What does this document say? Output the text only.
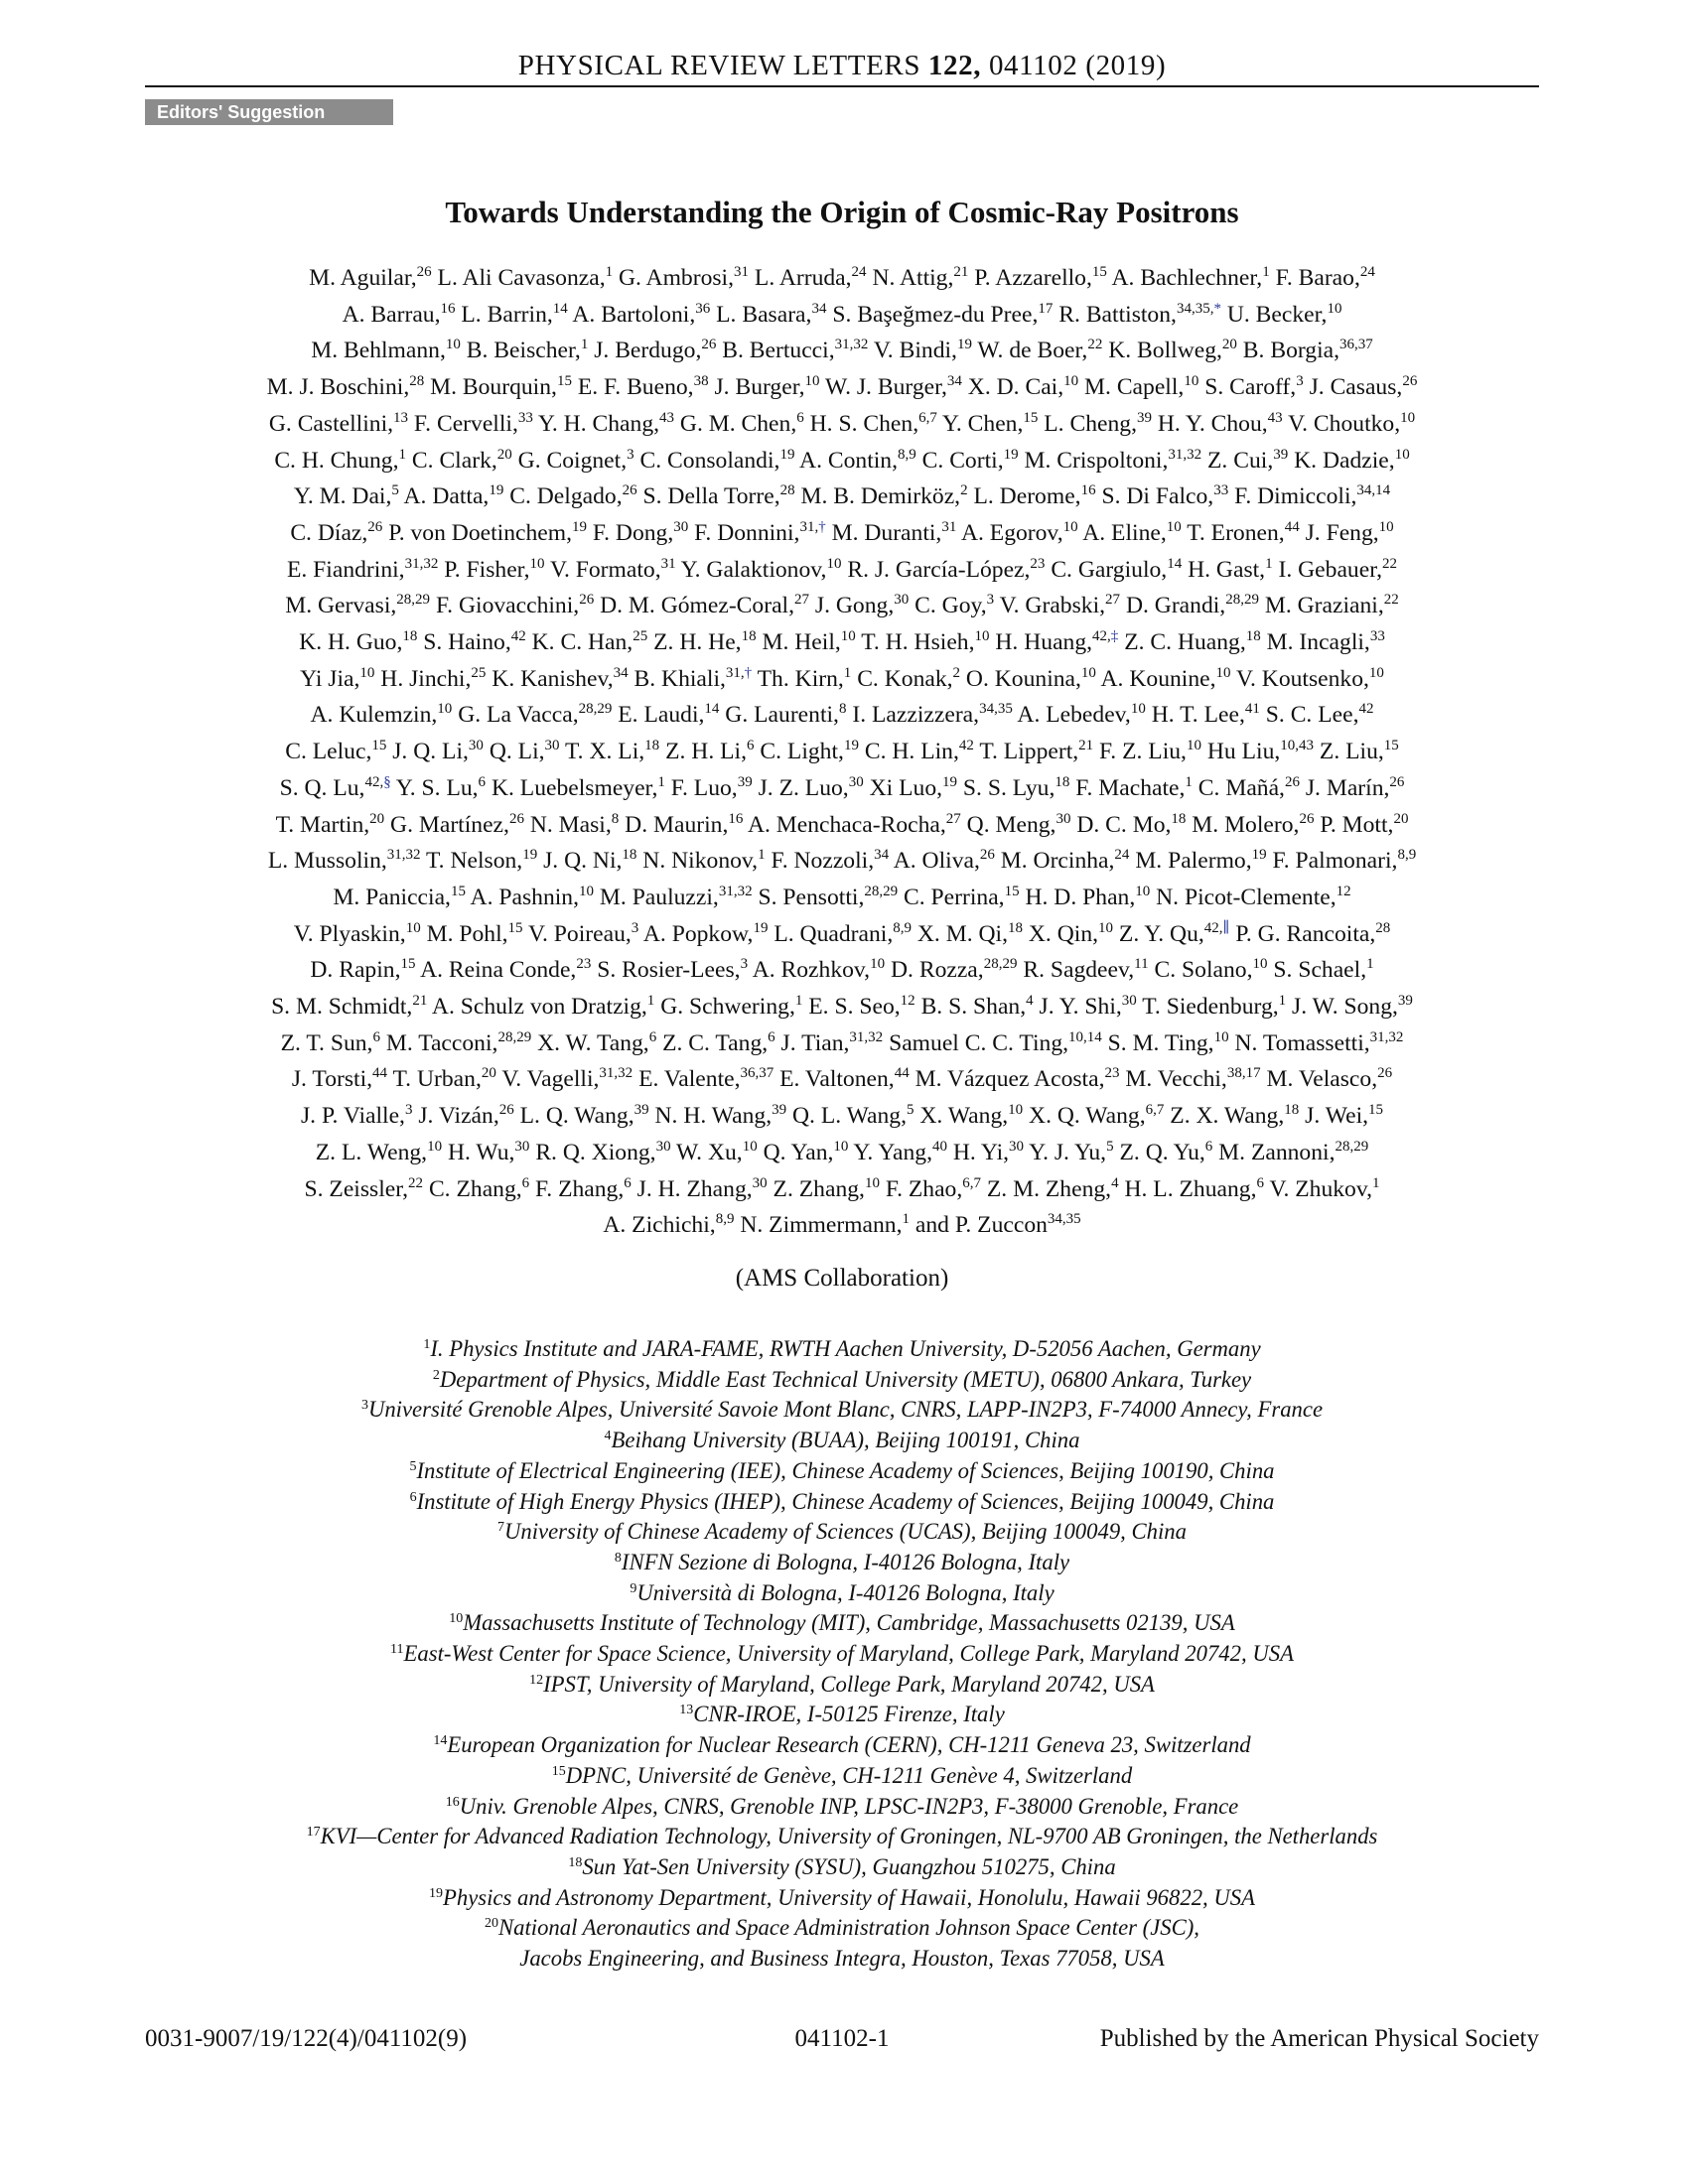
PHYSICAL REVIEW LETTERS 122, 041102 (2019)
Editors' Suggestion
Towards Understanding the Origin of Cosmic-Ray Positrons
M. Aguilar,$^{26}$ L. Ali Cavasonza,$^1$ G. Ambrosi,$^{31}$ L. Arruda,$^{24}$ N. Attig,$^{21}$ P. Azzarello,$^{15}$ A. Bachlechner,$^1$ F. Barao,$^{24}$
A. Barrau,$^{16}$ L. Barrin,$^{14}$ A. Bartoloni,$^{36}$ L. Basara,$^{34}$ S. Başeğmez-du Pree,$^{17}$ R. Battiston,$^{34,35,*}$ U. Becker,$^{10}$
M. Behlmann,$^{10}$ B. Beischer,$^1$ J. Berdugo,$^{26}$ B. Bertucci,$^{31,32}$ V. Bindi,$^{19}$ W. de Boer,$^{22}$ K. Bollweg,$^{20}$ B. Borgia,$^{36,37}$
M. J. Boschini,$^{28}$ M. Bourquin,$^{15}$ E. F. Bueno,$^{38}$ J. Burger,$^{10}$ W. J. Burger,$^{34}$ X. D. Cai,$^{10}$ M. Capell,$^{10}$ S. Caroff,$^3$ J. Casaus,$^{26}$
G. Castellini,$^{13}$ F. Cervelli,$^{33}$ Y. H. Chang,$^{43}$ G. M. Chen,$^6$ H. S. Chen,$^{6,7}$ Y. Chen,$^{15}$ L. Cheng,$^{39}$ H. Y. Chou,$^{43}$ V. Choutko,$^{10}$
C. H. Chung,$^1$ C. Clark,$^{20}$ G. Coignet,$^3$ C. Consolandi,$^{19}$ A. Contin,$^{8,9}$ C. Corti,$^{19}$ M. Crispoltoni,$^{31,32}$ Z. Cui,$^{39}$ K. Dadzie,$^{10}$
Y. M. Dai,$^5$ A. Datta,$^{19}$ C. Delgado,$^{26}$ S. Della Torre,$^{28}$ M. B. Demirköz,$^2$ L. Derome,$^{16}$ S. Di Falco,$^{33}$ F. Dimiccoli,$^{34,14}$
C. Díaz,$^{26}$ P. von Doetinchem,$^{19}$ F. Dong,$^{30}$ F. Donnini,$^{31,\dagger}$ M. Duranti,$^{31}$ A. Egorov,$^{10}$ A. Eline,$^{10}$ T. Eronen,$^{44}$ J. Feng,$^{10}$
E. Fiandrini,$^{31,32}$ P. Fisher,$^{10}$ V. Formato,$^{31}$ Y. Galaktionov,$^{10}$ R. J. García-López,$^{23}$ C. Gargiulo,$^{14}$ H. Gast,$^1$ I. Gebauer,$^{22}$
M. Gervasi,$^{28,29}$ F. Giovacchini,$^{26}$ D. M. Gómez-Coral,$^{27}$ J. Gong,$^{30}$ C. Goy,$^3$ V. Grabski,$^{27}$ D. Grandi,$^{28,29}$ M. Graziani,$^{22}$
K. H. Guo,$^{18}$ S. Haino,$^{42}$ K. C. Han,$^{25}$ Z. H. He,$^{18}$ M. Heil,$^{10}$ T. H. Hsieh,$^{10}$ H. Huang,$^{42,\ddagger}$ Z. C. Huang,$^{18}$ M. Incagli,$^{33}$
Yi Jia,$^{10}$ H. Jinchi,$^{25}$ K. Kanishev,$^{34}$ B. Khiali,$^{31,\dagger}$ Th. Kirn,$^1$ C. Konak,$^2$ O. Kounina,$^{10}$ A. Kounine,$^{10}$ V. Koutsenko,$^{10}$
A. Kulemzin,$^{10}$ G. La Vacca,$^{28,29}$ E. Laudi,$^{14}$ G. Laurenti,$^8$ I. Lazzizzera,$^{34,35}$ A. Lebedev,$^{10}$ H. T. Lee,$^{41}$ S. C. Lee,$^{42}$
C. Leluc,$^{15}$ J. Q. Li,$^{30}$ Q. Li,$^{30}$ T. X. Li,$^{18}$ Z. H. Li,$^6$ C. Light,$^{19}$ C. H. Lin,$^{42}$ T. Lippert,$^{21}$ F. Z. Liu,$^{10}$ Hu Liu,$^{10,43}$ Z. Liu,$^{15}$
S. Q. Lu,$^{42,\S}$ Y. S. Lu,$^6$ K. Luebelsmeyer,$^1$ F. Luo,$^{39}$ J. Z. Luo,$^{30}$ Xi Luo,$^{19}$ S. S. Lyu,$^{18}$ F. Machate,$^1$ C. Mañá,$^{26}$ J. Marín,$^{26}$
T. Martin,$^{20}$ G. Martínez,$^{26}$ N. Masi,$^8$ D. Maurin,$^{16}$ A. Menchaca-Rocha,$^{27}$ Q. Meng,$^{30}$ D. C. Mo,$^{18}$ M. Molero,$^{26}$ P. Mott,$^{20}$
L. Mussolin,$^{31,32}$ T. Nelson,$^{19}$ J. Q. Ni,$^{18}$ N. Nikonov,$^1$ F. Nozzoli,$^{34}$ A. Oliva,$^{26}$ M. Orcinha,$^{24}$ M. Palermo,$^{19}$ F. Palmonari,$^{8,9}$
M. Paniccia,$^{15}$ A. Pashnin,$^{10}$ M. Pauluzzi,$^{31,32}$ S. Pensotti,$^{28,29}$ C. Perrina,$^{15}$ H. D. Phan,$^{10}$ N. Picot-Clemente,$^{12}$
V. Plyaskin,$^{10}$ M. Pohl,$^{15}$ V. Poireau,$^3$ A. Popkow,$^{19}$ L. Quadrani,$^{8,9}$ X. M. Qi,$^{18}$ X. Qin,$^{10}$ Z. Y. Qu,$^{42,\parallel}$ P. G. Rancoita,$^{28}$
D. Rapin,$^{15}$ A. Reina Conde,$^{23}$ S. Rosier-Lees,$^3$ A. Rozhkov,$^{10}$ D. Rozza,$^{28,29}$ R. Sagdeev,$^{11}$ C. Solano,$^{10}$ S. Schael,$^1$
S. M. Schmidt,$^{21}$ A. Schulz von Dratzig,$^1$ G. Schwering,$^1$ E. S. Seo,$^{12}$ B. S. Shan,$^4$ J. Y. Shi,$^{30}$ T. Siedenburg,$^1$ J. W. Song,$^{39}$
Z. T. Sun,$^6$ M. Tacconi,$^{28,29}$ X. W. Tang,$^6$ Z. C. Tang,$^6$ J. Tian,$^{31,32}$ Samuel C. C. Ting,$^{10,14}$ S. M. Ting,$^{10}$ N. Tomassetti,$^{31,32}$
J. Torsti,$^{44}$ T. Urban,$^{20}$ V. Vagelli,$^{31,32}$ E. Valente,$^{36,37}$ E. Valtonen,$^{44}$ M. Vázquez Acosta,$^{23}$ M. Vecchi,$^{38,17}$ M. Velasco,$^{26}$
J. P. Vialle,$^3$ J. Vizán,$^{26}$ L. Q. Wang,$^{39}$ N. H. Wang,$^{39}$ Q. L. Wang,$^5$ X. Wang,$^{10}$ X. Q. Wang,$^{6,7}$ Z. X. Wang,$^{18}$ J. Wei,$^{15}$
Z. L. Weng,$^{10}$ H. Wu,$^{30}$ R. Q. Xiong,$^{30}$ W. Xu,$^{10}$ Q. Yan,$^{10}$ Y. Yang,$^{40}$ H. Yi,$^{30}$ Y. J. Yu,$^5$ Z. Q. Yu,$^6$ M. Zannoni,$^{28,29}$
S. Zeissler,$^{22}$ C. Zhang,$^6$ F. Zhang,$^6$ J. H. Zhang,$^{30}$ Z. Zhang,$^{10}$ F. Zhao,$^{6,7}$ Z. M. Zheng,$^4$ H. L. Zhuang,$^6$ V. Zhukov,$^1$
A. Zichichi,$^{8,9}$ N. Zimmermann,$^1$ and P. Zuccon$^{34,35}$
(AMS Collaboration)
$^1$I. Physics Institute and JARA-FAME, RWTH Aachen University, D-52056 Aachen, Germany
$^2$Department of Physics, Middle East Technical University (METU), 06800 Ankara, Turkey
$^3$Université Grenoble Alpes, Université Savoie Mont Blanc, CNRS, LAPP-IN2P3, F-74000 Annecy, France
$^4$Beihang University (BUAA), Beijing 100191, China
$^5$Institute of Electrical Engineering (IEE), Chinese Academy of Sciences, Beijing 100190, China
$^6$Institute of High Energy Physics (IHEP), Chinese Academy of Sciences, Beijing 100049, China
$^7$University of Chinese Academy of Sciences (UCAS), Beijing 100049, China
$^8$INFN Sezione di Bologna, I-40126 Bologna, Italy
$^9$Università di Bologna, I-40126 Bologna, Italy
$^{10}$Massachusetts Institute of Technology (MIT), Cambridge, Massachusetts 02139, USA
$^{11}$East-West Center for Space Science, University of Maryland, College Park, Maryland 20742, USA
$^{12}$IPST, University of Maryland, College Park, Maryland 20742, USA
$^{13}$CNR-IROE, I-50125 Firenze, Italy
$^{14}$European Organization for Nuclear Research (CERN), CH-1211 Geneva 23, Switzerland
$^{15}$DPNC, Université de Genève, CH-1211 Genève 4, Switzerland
$^{16}$Univ. Grenoble Alpes, CNRS, Grenoble INP, LPSC-IN2P3, F-38000 Grenoble, France
$^{17}$KVI—Center for Advanced Radiation Technology, University of Groningen, NL-9700 AB Groningen, the Netherlands
$^{18}$Sun Yat-Sen University (SYSU), Guangzhou 510275, China
$^{19}$Physics and Astronomy Department, University of Hawaii, Honolulu, Hawaii 96822, USA
$^{20}$National Aeronautics and Space Administration Johnson Space Center (JSC),
Jacobs Engineering, and Business Integra, Houston, Texas 77058, USA
0031-9007/19/122(4)/041102(9)	041102-1	Published by the American Physical Society
